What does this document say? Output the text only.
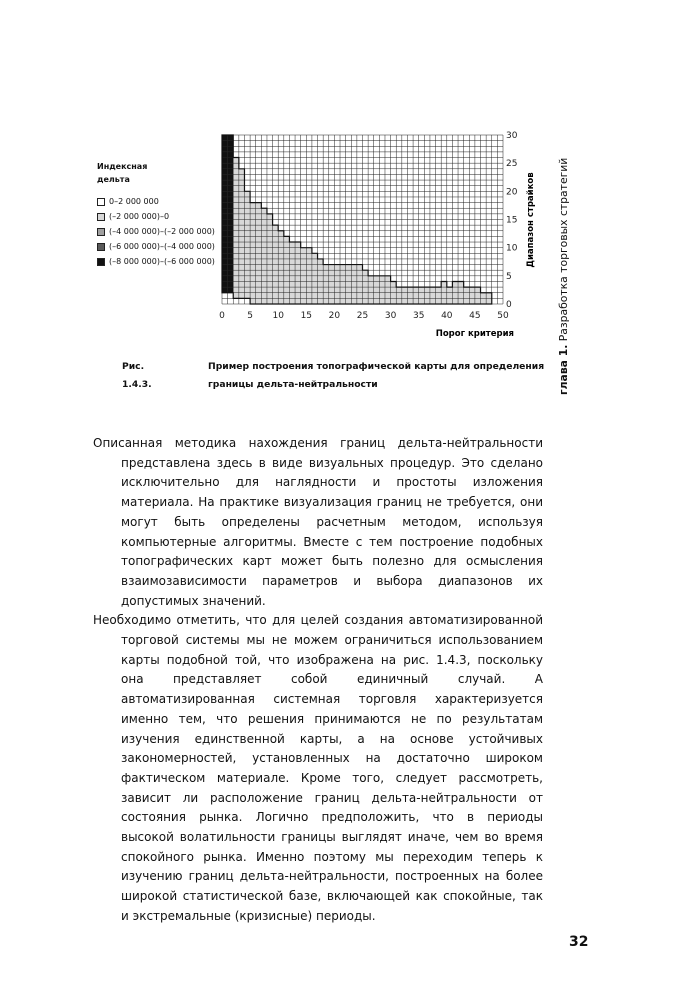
0 5 10 15 20 25 30 35 40 45 50
0
5
10
15
20
25
30
Порог критерия
Диапазон страйков
Индексная дельта
0–2 000 000
(–2 000 000)–0
(–4 000 000)–(–2 000 000)
(–6 000 000)–(–4 000 000)
(–8 000 000)–(–6 000 000)
Рис. 1.4.3.
Пример построения топографической карты для определения границы дельта-нейтральности	глава 1. Разработка торговых стратегий

Описанная методика нахождения границ дельта-нейтральности представлена здесь в виде визуальных процедур. Это сделано исключительно для наглядности и простоты изложения материала. На практике визуализация границ не требуется, они могут быть определены расчетным методом, используя компьютерные алгоритмы. Вместе с тем построение подобных топографических карт может быть полезно для осмысления взаимозависимости параметров и выбора диапазонов их допустимых значений.

Необходимо отметить, что для целей создания автоматизированной торговой системы мы не можем ограничиться использованием карты подобной той, что изображена на рис. 1.4.3, поскольку она представляет собой единичный случай. А автоматизированная системная торговля характеризуется именно тем, что решения принимаются не по результатам изучения единственной карты, а на основе устойчивых закономерностей, установленных на достаточно широком фактическом материале. Кроме того, следует рассмотреть, зависит ли расположение границ дельта-нейтральности от состояния рынка. Логично предположить, что в периоды высокой волатильности границы выглядят иначе, чем во время спокойного рынка. Именно поэтому мы переходим теперь к изучению границ дельта-нейтральности, построенных на более широкой статистической базе, включающей как спокойные, так и экстремальные (кризисные) периоды.

32
